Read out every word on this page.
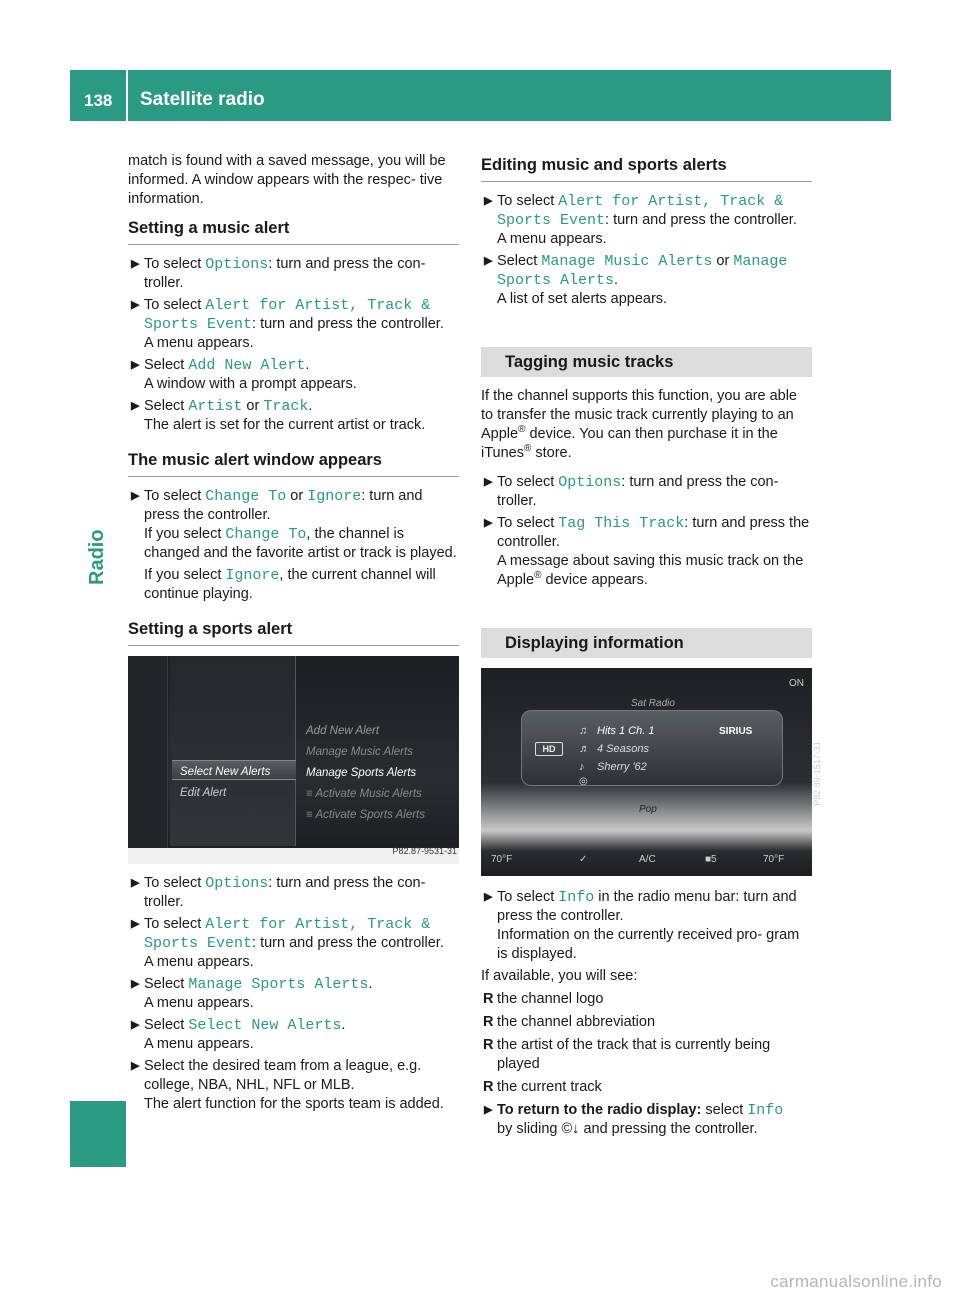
138	Satellite radio
Radio

match is found with a saved message, you will be informed. A window appears with the respec- tive information.

Setting a music alert
▶ To select Options: turn and press the con- troller.
▶ To select Alert for Artist, Track & Sports Event: turn and press the controller.
A menu appears.
▶ Select Add New Alert.
A window with a prompt appears.
▶ Select Artist or Track.
The alert is set for the current artist or track.
The music alert window appears
▶ To select Change To or Ignore: turn and press the controller.
If you select Change To, the channel is changed and the favorite artist or track is played.

If you select Ignore, the current channel will continue playing.
Setting a sports alert
Select New Alerts
Edit Alert
Add New Alert
Manage Music Alerts
Manage Sports Alerts
≡ Activate Music Alerts
≡ Activate Sports Alerts
P82.87-9531-31
▶ To select Options: turn and press the con- troller.
▶ To select Alert for Artist, Track & Sports Event: turn and press the controller.
A menu appears.
▶ Select Manage Sports Alerts.
A menu appears.
▶ Select Select New Alerts.
A menu appears.
▶ Select the desired team from a league, e.g. college, NBA, NHL, NFL or MLB.
The alert function for the sports team is added.
Editing music and sports alerts
▶ To select Alert for Artist, Track & Sports Event: turn and press the controller.
A menu appears.
▶ Select Manage Music Alerts or Manage Sports Alerts.
A list of set alerts appears.
Tagging music tracks

If the channel supports this function, you are able to transfer the music track currently playing to an Apple® device. You can then purchase it in the iTunes® store.

▶ To select Options: turn and press the con- troller.
▶ To select Tag This Track: turn and press the controller.
A message about saving this music track on the Apple® device appears.
Displaying information
ON
Sat Radio
HD
♫ Hits 1 Ch. 1	SIRIUS
♬ 4 Seasons
♪ Sherry '62
◎
Pop
70°F	✓	A/C	■5	70°F
P82.89-1517-31
▶ To select Info in the radio menu bar: turn and press the controller.
Information on the currently received pro- gram is displayed.

If available, you will see:

R the channel logo
R the channel abbreviation
R the artist of the track that is currently being played
R the current track
▶ To return to the radio display: select Info
by sliding ©↓ and pressing the controller.
carmanualsonline.info
